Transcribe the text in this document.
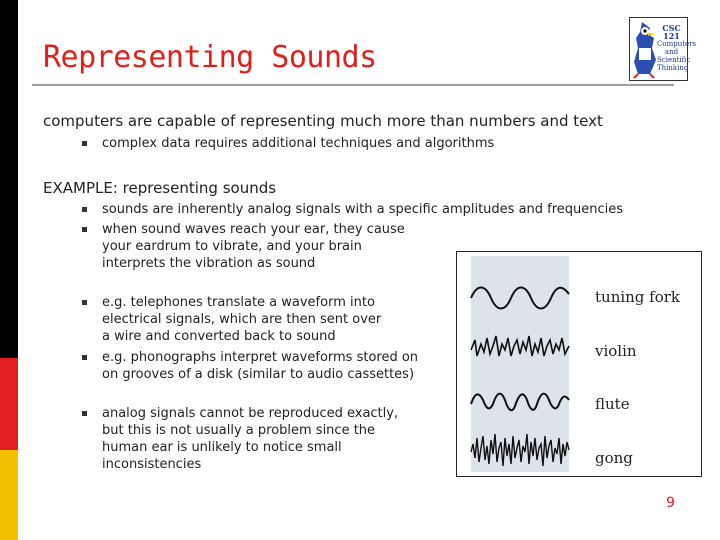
Representing Sounds
CSC 121
Computers
and
Scientific
Thinking
computers are capable of representing much more than numbers and text
complex data requires additional techniques and algorithms
EXAMPLE: representing sounds
sounds are inherently analog signals with a specific amplitudes and frequencies
when sound waves reach your ear, they cause
your eardrum to vibrate, and your brain
interprets the vibration as sound
e.g. telephones translate a waveform into
electrical signals, which are then sent over
a wire and converted back to sound
e.g. phonographs interpret waveforms stored on
on grooves of a disk (similar to audio cassettes)
analog signals cannot be reproduced exactly,
but this is not usually a problem since the
human ear is unlikely to notice small
inconsistencies
tuning fork
violin
flute
gong
9
